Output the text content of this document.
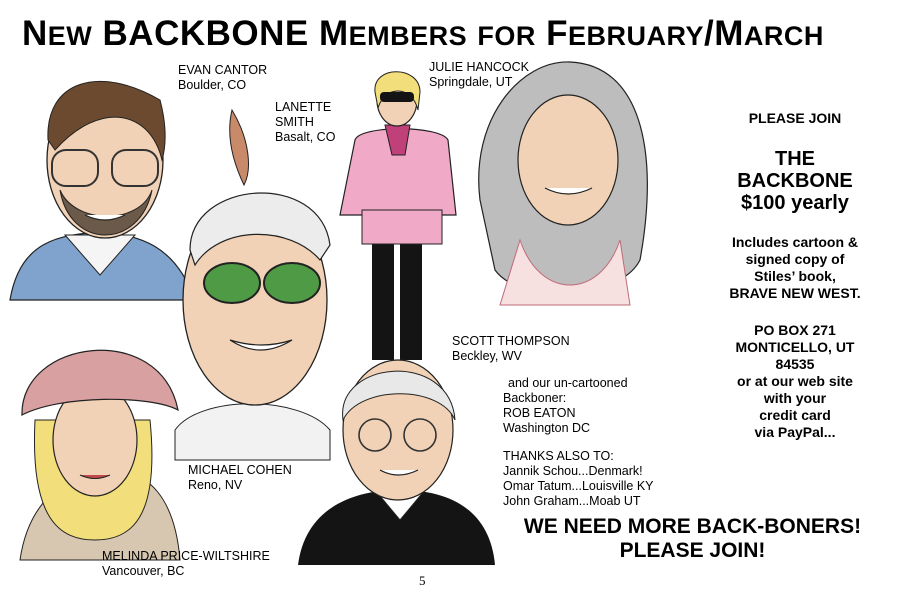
NEW BACKBONE MEMBERS FOR FEBRUARY/MARCH
EVAN CANTOR
Boulder, CO
LANETTE
SMITH
Basalt, CO
JULIE HANCOCK
Springdale, UT
SCOTT THOMPSON
Beckley, WV
MICHAEL COHEN
Reno, NV
MELINDA PRICE-WILTSHIRE
Vancouver, BC
and our un-cartooned
Backboner:
ROB EATON
Washington DC
THANKS ALSO TO:
Jannik Schou...Denmark!
Omar Tatum...Louisville KY
John Graham...Moab UT
PLEASE JOIN
THE
BACKBONE
$100 yearly
Includes cartoon &
signed copy of
Stiles’ book,
BRAVE NEW WEST.
PO BOX 271
MONTICELLO, UT
84535
or at our web site
with your
credit card
via PayPal...
WE NEED MORE BACK-BONERS!
PLEASE JOIN!
5
